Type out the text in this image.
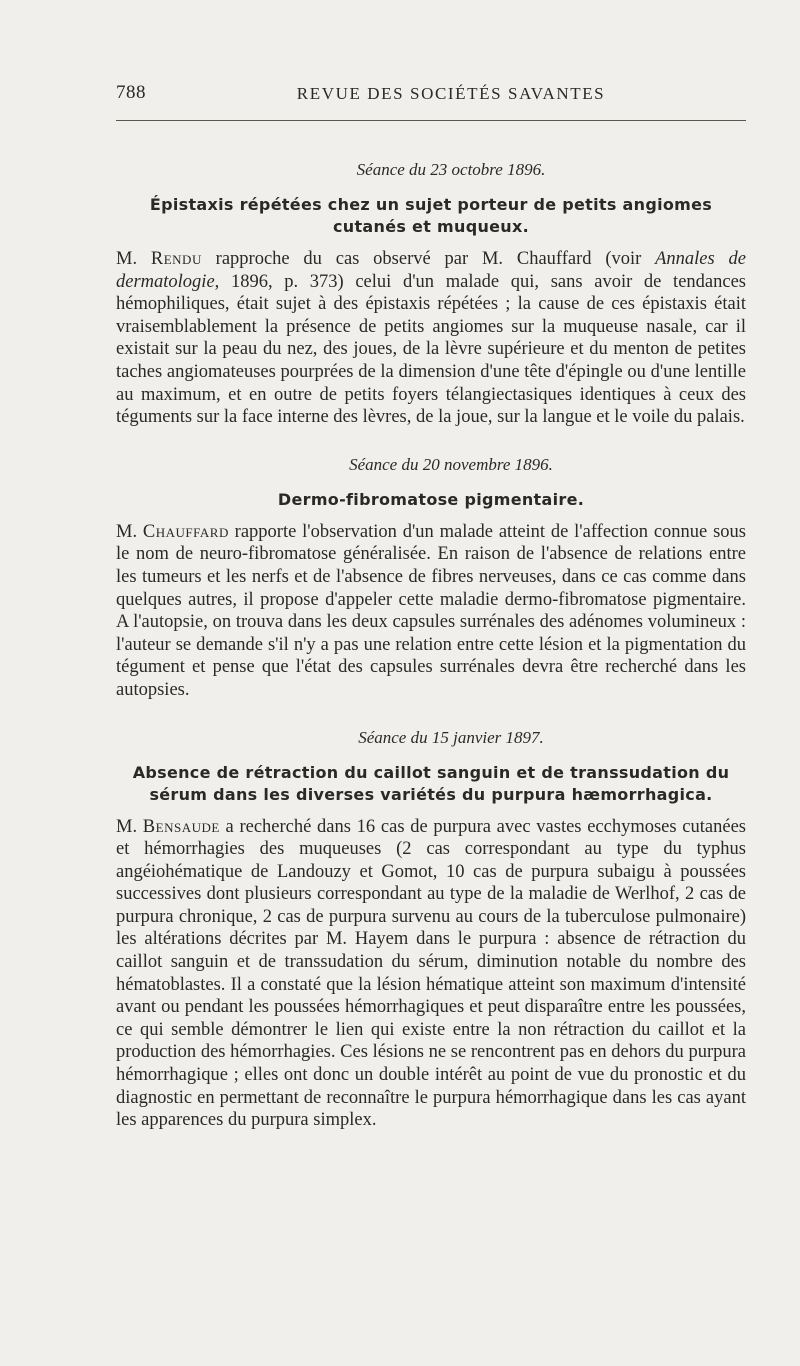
788	REVUE DES SOCIÉTÉS SAVANTES

Séance du 23 octobre 1896.

Épistaxis répétées chez un sujet porteur de petits angiomes cutanés et muqueux.

M. Rendu rapproche du cas observé par M. Chauffard (voir Annales de dermatologie, 1896, p. 373) celui d'un malade qui, sans avoir de tendances hémophiliques, était sujet à des épistaxis répétées ; la cause de ces épistaxis était vraisemblablement la présence de petits angiomes sur la muqueuse nasale, car il existait sur la peau du nez, des joues, de la lèvre supérieure et du menton de petites taches angiomateuses pourprées de la dimension d'une tête d'épingle ou d'une lentille au maximum, et en outre de petits foyers télangiectasiques identiques à ceux des téguments sur la face interne des lèvres, de la joue, sur la langue et le voile du palais.

Séance du 20 novembre 1896.

Dermo-fibromatose pigmentaire.

M. Chauffard rapporte l'observation d'un malade atteint de l'affection connue sous le nom de neuro-fibromatose généralisée. En raison de l'absence de relations entre les tumeurs et les nerfs et de l'absence de fibres nerveuses, dans ce cas comme dans quelques autres, il propose d'appeler cette maladie dermo-fibromatose pigmentaire. A l'autopsie, on trouva dans les deux capsules surrénales des adénomes volumineux : l'auteur se demande s'il n'y a pas une relation entre cette lésion et la pigmentation du tégument et pense que l'état des capsules surrénales devra être recherché dans les autopsies.

Séance du 15 janvier 1897.

Absence de rétraction du caillot sanguin et de transsudation du sérum dans les diverses variétés du purpura hæmorrhagica.

M. Bensaude a recherché dans 16 cas de purpura avec vastes ecchymoses cutanées et hémorrhagies des muqueuses (2 cas correspondant au type du typhus angéiohématique de Landouzy et Gomot, 10 cas de purpura subaigu à poussées successives dont plusieurs correspondant au type de la maladie de Werlhof, 2 cas de purpura chronique, 2 cas de purpura survenu au cours de la tuberculose pulmonaire) les altérations décrites par M. Hayem dans le purpura : absence de rétraction du caillot sanguin et de transsudation du sérum, diminution notable du nombre des hématoblastes. Il a constaté que la lésion hématique atteint son maximum d'intensité avant ou pendant les poussées hémorrhagiques et peut disparaître entre les poussées, ce qui semble démontrer le lien qui existe entre la non rétraction du caillot et la production des hémorrhagies. Ces lésions ne se rencontrent pas en dehors du purpura hémorrhagique ; elles ont donc un double intérêt au point de vue du pronostic et du diagnostic en permettant de reconnaître le purpura hémorrhagique dans les cas ayant les apparences du purpura simplex.
